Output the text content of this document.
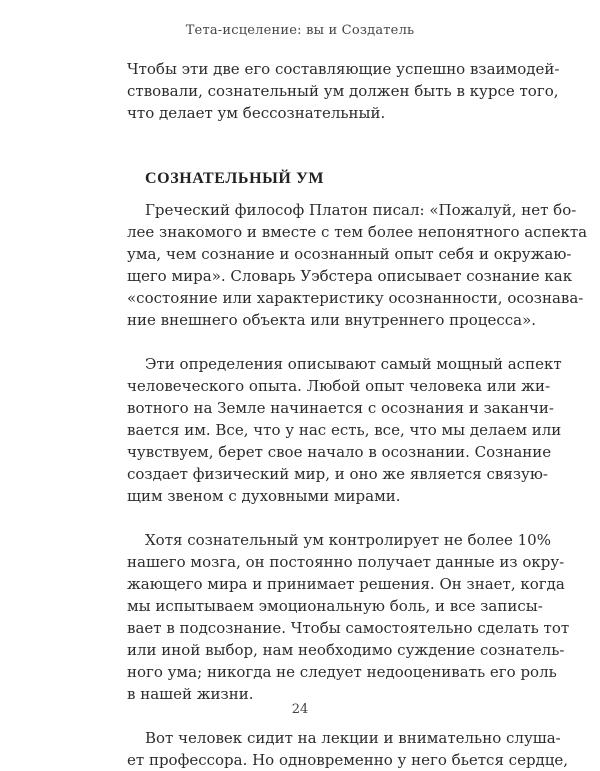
Тета-исцеление: вы и Создатель
Чтобы эти две его составляющие успешно взаимодей-
ствовали, сознательный ум должен быть в курсе того,
что делает ум бессознательный.
СОЗНАТЕЛЬНЫЙ УМ
Греческий философ Платон писал: «Пожалуй, нет бо-
лее знакомого и вместе с тем более непонятного аспекта
ума, чем сознание и осознанный опыт себя и окружаю-
щего мира». Словарь Уэбстера описывает сознание как
«состояние или характеристику осознанности, осознава-
ние внешнего объекта или внутреннего процесса».
Эти определения описывают самый мощный аспект
человеческого опыта. Любой опыт человека или жи-
вотного на Земле начинается с осознания и заканчи-
вается им. Все, что у нас есть, все, что мы делаем или
чувствуем, берет свое начало в осознании. Сознание
создает физический мир, и оно же является связую-
щим звеном с духовными мирами.
Хотя сознательный ум контролирует не более 10%
нашего мозга, он постоянно получает данные из окру-
жающего мира и принимает решения. Он знает, когда
мы испытываем эмоциональную боль, и все записы-
вает в подсознание. Чтобы самостоятельно сделать тот
или иной выбор, нам необходимо суждение сознатель-
ного ума; никогда не следует недооценивать его роль
в нашей жизни.
Вот человек сидит на лекции и внимательно слуша-
ет профессора. Но одновременно у него бьется сердце,
24
